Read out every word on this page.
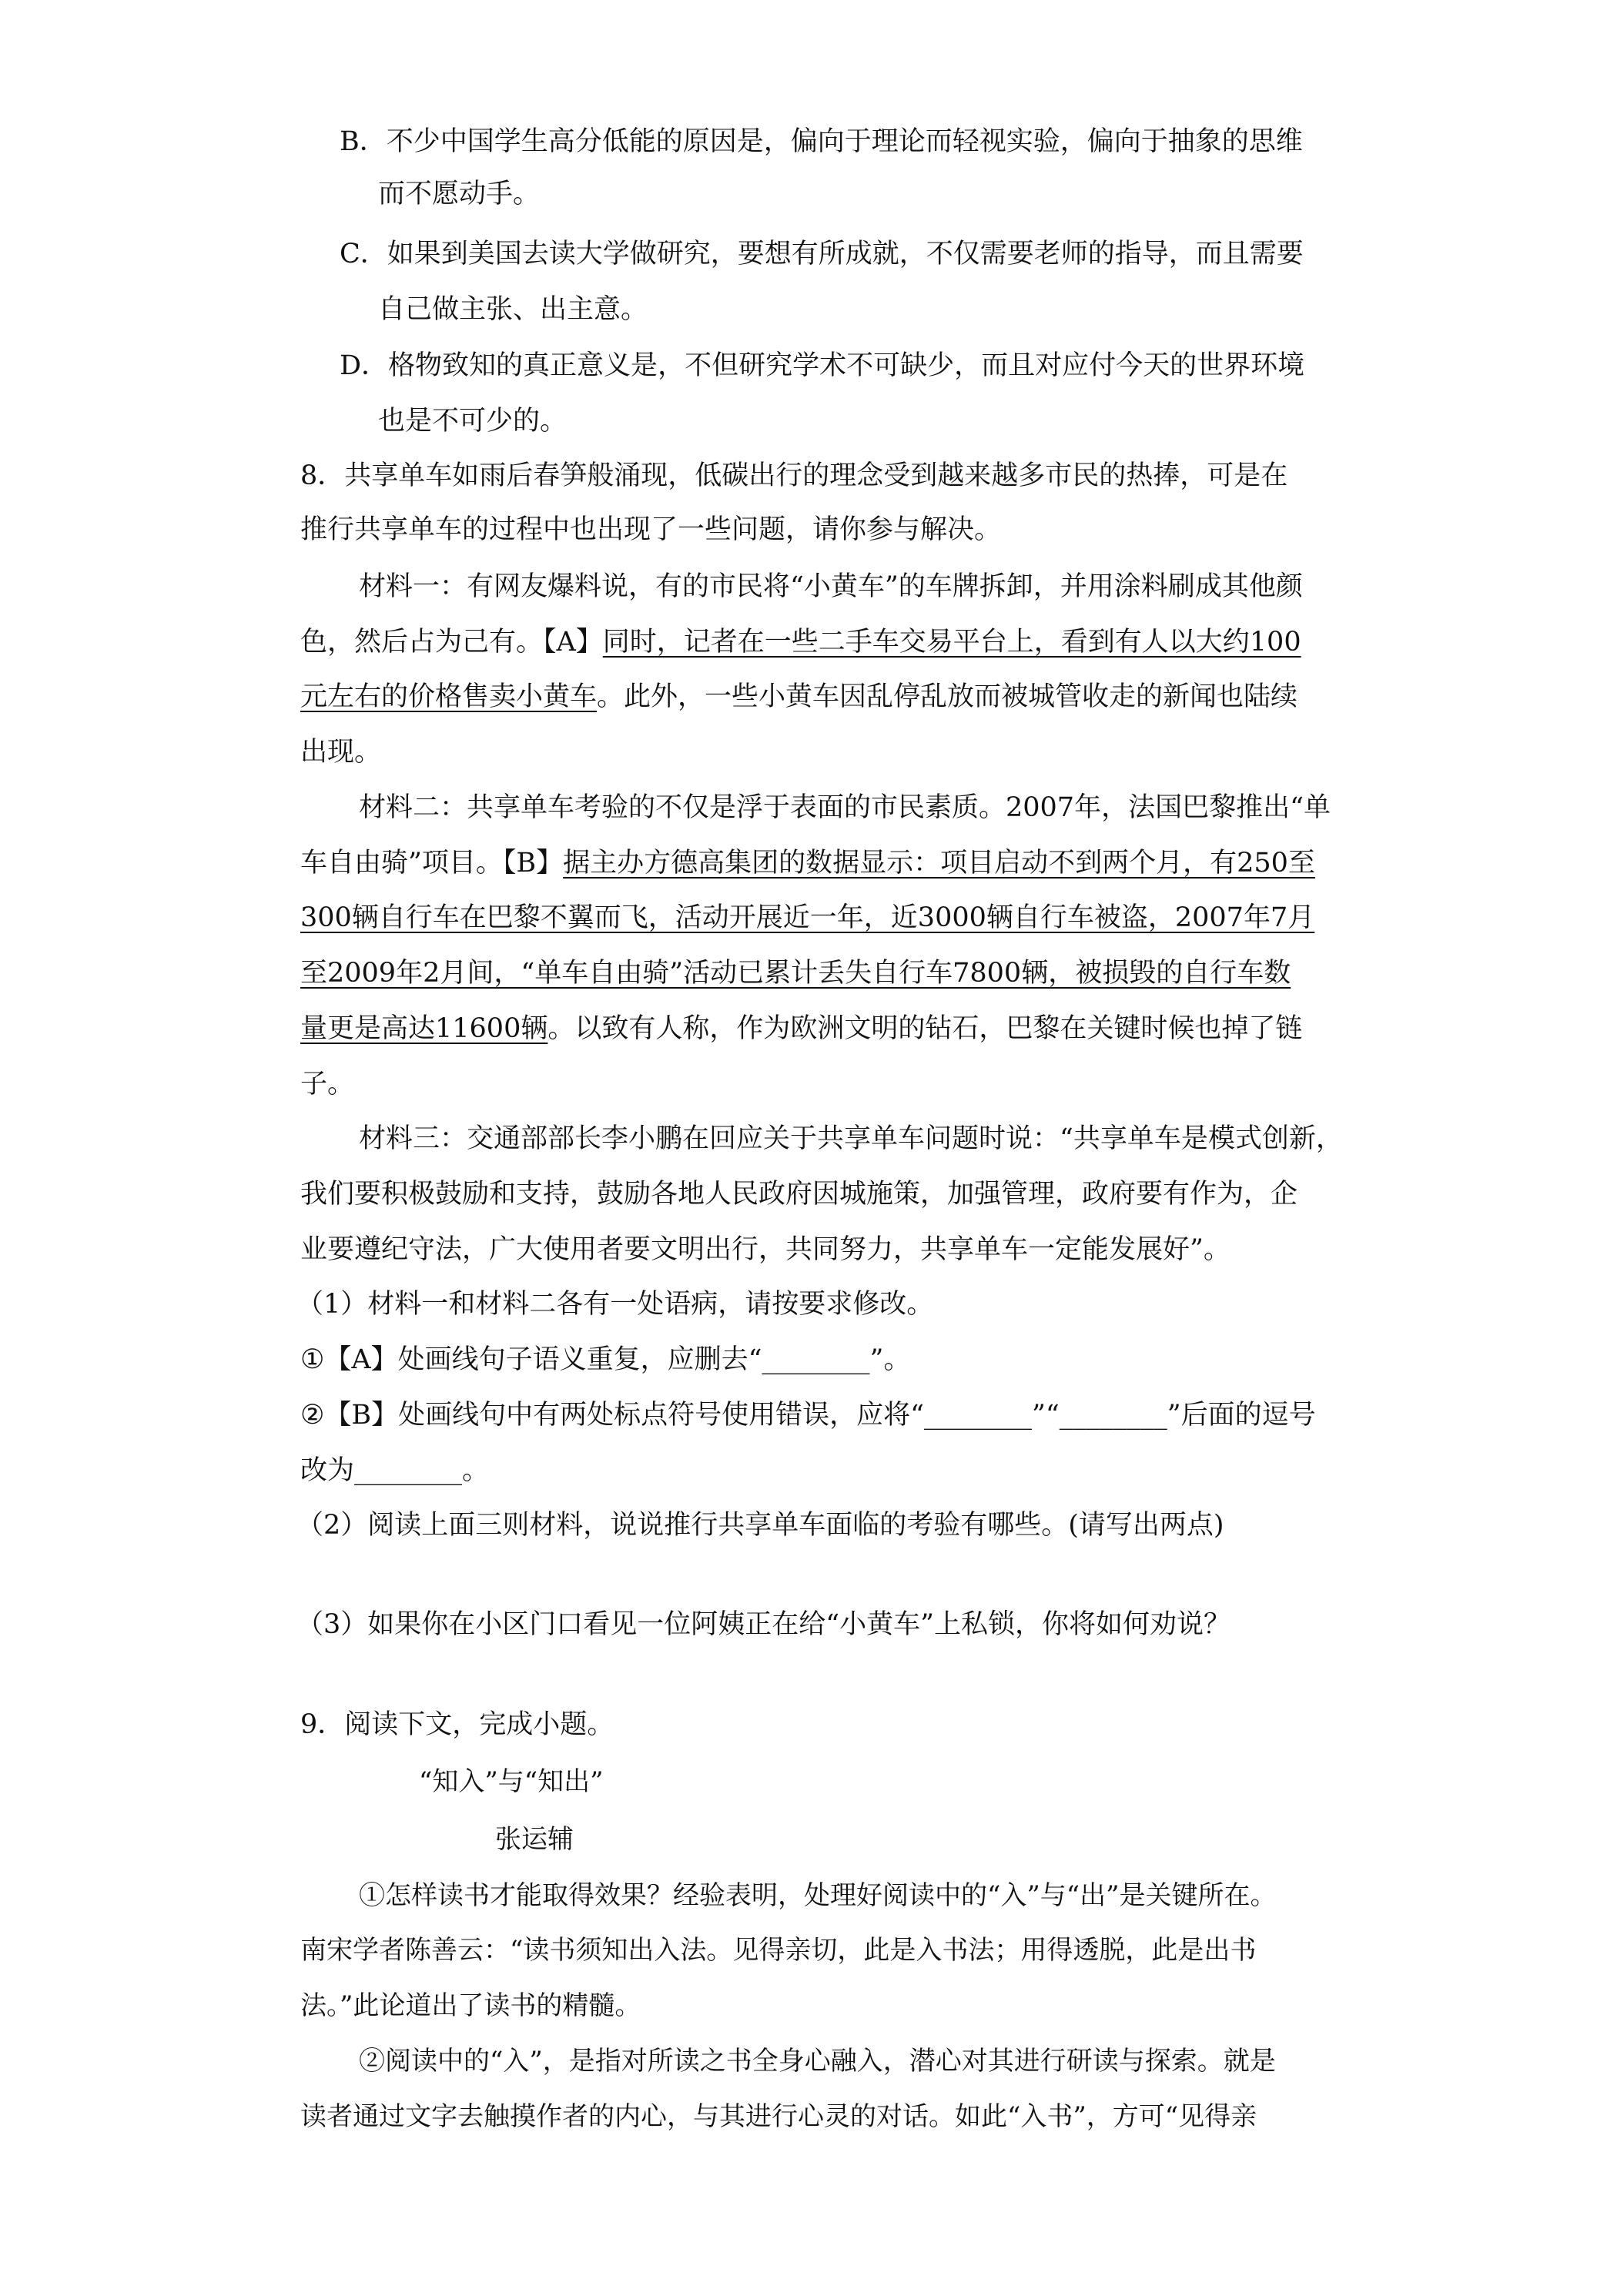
B．不少中国学生高分低能的原因是，偏向于理论而轻视实验，偏向于抽象的思维
而不愿动手。
C．如果到美国去读大学做研究，要想有所成就，不仅需要老师的指导，而且需要
自己做主张、出主意。
D．格物致知的真正意义是，不但研究学术不可缺少，而且对应付今天的世界环境
也是不可少的。
8．共享单车如雨后春笋般涌现，低碳出行的理念受到越来越多市民的热捧，可是在
推行共享单车的过程中也出现了一些问题，请你参与解决。
材料一：有网友爆料说，有的市民将“小黄车”的车牌拆卸，并用涂料刷成其他颜
色，然后占为己有。【A】同时，记者在一些二手车交易平台上，看到有人以大约100
元左右的价格售卖小黄车。此外，一些小黄车因乱停乱放而被城管收走的新闻也陆续
出现。
材料二：共享单车考验的不仅是浮于表面的市民素质。2007年，法国巴黎推出“单
车自由骑”项目。【B】据主办方德高集团的数据显示：项目启动不到两个月，有250至
300辆自行车在巴黎不翼而飞，活动开展近一年，近3000辆自行车被盗，2007年7月
至2009年2月间，“单车自由骑”活动已累计丢失自行车7800辆，被损毁的自行车数
量更是高达11600辆。以致有人称，作为欧洲文明的钻石，巴黎在关键时候也掉了链
子。
材料三：交通部部长李小鹏在回应关于共享单车问题时说：“共享单车是模式创新，
我们要积极鼓励和支持，鼓励各地人民政府因城施策，加强管理，政府要有作为，企
业要遵纪守法，广大使用者要文明出行，共同努力，共享单车一定能发展好”。
（1）材料一和材料二各有一处语病，请按要求修改。
①【A】处画线句子语义重复，应删去“________”。
②【B】处画线句中有两处标点符号使用错误，应将“________”“________”后面的逗号
改为________。
（2）阅读上面三则材料，说说推行共享单车面临的考验有哪些。(请写出两点)
（3）如果你在小区门口看见一位阿姨正在给“小黄车”上私锁，你将如何劝说？
9．阅读下文，完成小题。
“知入”与“知出”
张运辅
①怎样读书才能取得效果？经验表明，处理好阅读中的“入”与“出”是关键所在。
南宋学者陈善云：“读书须知出入法。见得亲切，此是入书法；用得透脱，此是出书
法。”此论道出了读书的精髓。
②阅读中的“入”，是指对所读之书全身心融入，潜心对其进行研读与探索。就是
读者通过文字去触摸作者的内心，与其进行心灵的对话。如此“入书”，方可“见得亲
